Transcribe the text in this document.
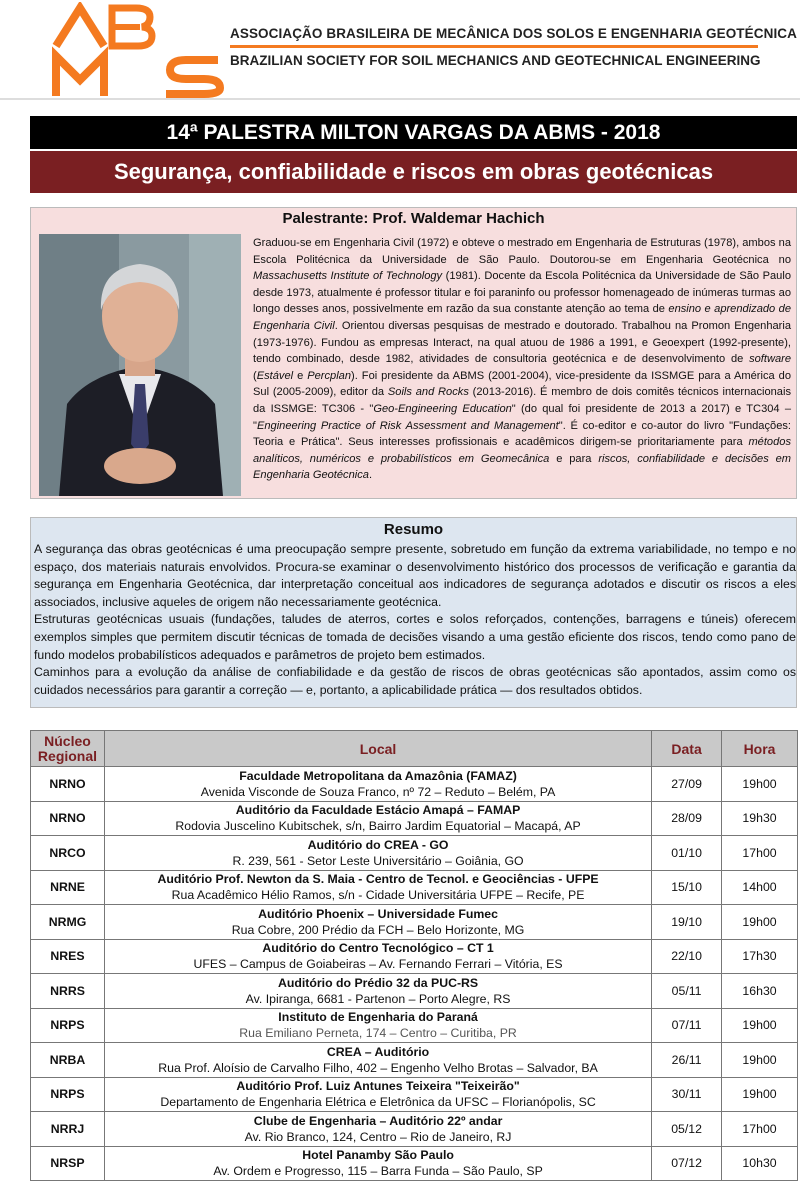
ASSOCIAÇÃO BRASILEIRA DE MECÂNICA DOS SOLOS E ENGENHARIA GEOTÉCNICA
BRAZILIAN SOCIETY FOR SOIL MECHANICS AND GEOTECHNICAL ENGINEERING
14ª PALESTRA MILTON VARGAS DA ABMS - 2018
Segurança, confiabilidade e riscos em obras geotécnicas
Palestrante: Prof. Waldemar Hachich
Graduou-se em Engenharia Civil (1972) e obteve o mestrado em Engenharia de Estruturas (1978), ambos na Escola Politécnica da Universidade de São Paulo. Doutorou-se em Engenharia Geotécnica no Massachusetts Institute of Technology (1981). Docente da Escola Politécnica da Universidade de São Paulo desde 1973, atualmente é professor titular e foi paraninfo ou professor homenageado de inúmeras turmas ao longo desses anos, possivelmente em razão da sua constante atenção ao tema de ensino e aprendizado de Engenharia Civil. Orientou diversas pesquisas de mestrado e doutorado. Trabalhou na Promon Engenharia (1973-1976). Fundou as empresas Interact, na qual atuou de 1986 a 1991, e Geoexpert (1992-presente), tendo combinado, desde 1982, atividades de consultoria geotécnica e de desenvolvimento de software (Estável e Percplan). Foi presidente da ABMS (2001-2004), vice-presidente da ISSMGE para a América do Sul (2005-2009), editor da Soils and Rocks (2013-2016). É membro de dois comitês técnicos internacionais da ISSMGE: TC306 - "Geo-Engineering Education" (do qual foi presidente de 2013 a 2017) e TC304 – "Engineering Practice of Risk Assessment and Management". É co-editor e co-autor do livro "Fundações: Teoria e Prática". Seus interesses profissionais e acadêmicos dirigem-se prioritariamente para métodos analíticos, numéricos e probabilísticos em Geomecânica e para riscos, confiabilidade e decisões em Engenharia Geotécnica.
Resumo
A segurança das obras geotécnicas é uma preocupação sempre presente, sobretudo em função da extrema variabilidade, no tempo e no espaço, dos materiais naturais envolvidos. Procura-se examinar o desenvolvimento histórico dos processos de verificação e garantia da segurança em Engenharia Geotécnica, dar interpretação conceitual aos indicadores de segurança adotados e discutir os riscos a eles associados, inclusive aqueles de origem não necessariamente geotécnica.
Estruturas geotécnicas usuais (fundações, taludes de aterros, cortes e solos reforçados, contenções, barragens e túneis) oferecem exemplos simples que permitem discutir técnicas de tomada de decisões visando a uma gestão eficiente dos riscos, tendo como pano de fundo modelos probabilísticos adequados e parâmetros de projeto bem estimados.
Caminhos para a evolução da análise de confiabilidade e da gestão de riscos de obras geotécnicas são apontados, assim como os cuidados necessários para garantir a correção — e, portanto, a aplicabilidade prática — dos resultados obtidos.
Núcleo Regional	Local	Data	Hora
NRNO	Faculdade Metropolitana da Amazônia (FAMAZ)
Avenida Visconde de Souza Franco, nº 72 – Reduto – Belém, PA	27/09	19h00
NRNO	Auditório da Faculdade Estácio Amapá – FAMAP
Rodovia Juscelino Kubitschek, s/n, Bairro Jardim Equatorial – Macapá, AP	28/09	19h30
NRCO	Auditório do CREA - GO
R. 239, 561 - Setor Leste Universitário – Goiânia, GO	01/10	17h00
NRNE	Auditório Prof. Newton da S. Maia - Centro de Tecnol. e Geociências - UFPE
Rua Acadêmico Hélio Ramos, s/n - Cidade Universitária UFPE – Recife, PE	15/10	14h00
NRMG	Auditório Phoenix – Universidade Fumec
Rua Cobre, 200 Prédio da FCH – Belo Horizonte, MG	19/10	19h00
NRES	Auditório do Centro Tecnológico – CT 1
UFES – Campus de Goiabeiras – Av. Fernando Ferrari – Vitória, ES	22/10	17h30
NRRS	Auditório do Prédio 32 da PUC-RS
Av. Ipiranga, 6681 - Partenon – Porto Alegre, RS	05/11	16h30
NRPS	Instituto de Engenharia do Paraná
Rua Emiliano Perneta, 174 – Centro – Curitiba, PR	07/11	19h00
NRBA	CREA – Auditório
Rua Prof. Aloísio de Carvalho Filho, 402 – Engenho Velho Brotas – Salvador, BA	26/11	19h00
NRPS	Auditório Prof. Luiz Antunes Teixeira "Teixeirão"
Departamento de Engenharia Elétrica e Eletrônica da UFSC – Florianópolis, SC	30/11	19h00
NRRJ	Clube de Engenharia – Auditório 22º andar
Av. Rio Branco, 124, Centro – Rio de Janeiro, RJ	05/12	17h00
NRSP	Hotel Panamby São Paulo
Av. Ordem e Progresso, 115 – Barra Funda – São Paulo, SP	07/12	10h30
